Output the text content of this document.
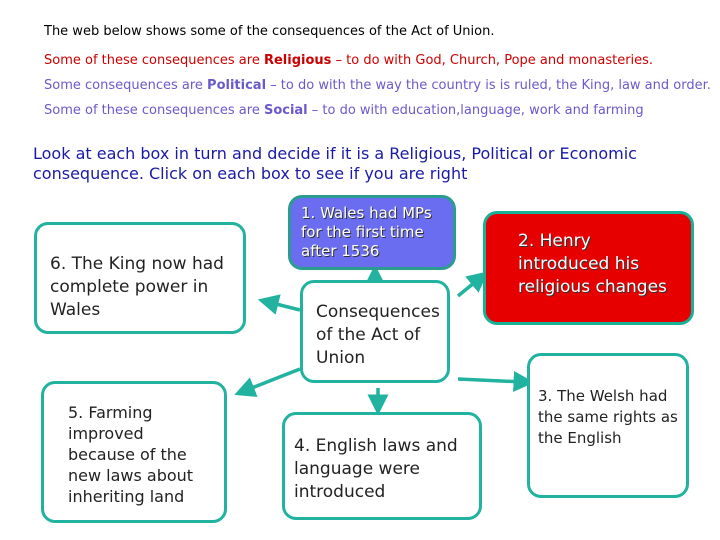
The web below shows some of the consequences of the Act of Union.
Some of these consequences are Religious – to do with God, Church, Pope and monasteries.
Some consequences are Political – to do with the way the country is is ruled, the King, law and order.
Some of these consequences are Social – to do with education,language, work and farming
Look at each box in turn and decide if it is a Religious, Political or Economic consequence. Click on each box to see if you are right
6. The King now had complete power in Wales
5. Farming improved because of the new laws about inheriting land
1. Wales had MPs for the first time after 1536
Consequences of the Act of Union
2. Henry introduced his religious changes
4. English laws and language were introduced
3. The Welsh had the same rights as the English
